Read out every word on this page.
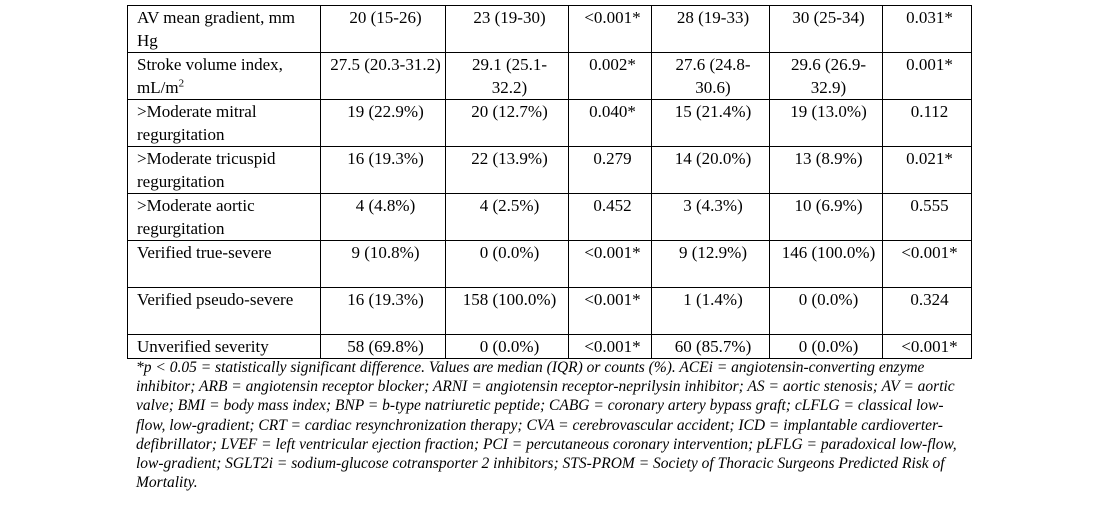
AV mean gradient, mm Hg	20 (15-26)	23 (19-30)	<0.001*	28 (19-33)	30 (25-34)	0.031*
Stroke volume index, $mL/m^2$	27.5 (20.3-31.2)	29.1 (25.1-32.2)	0.002*	27.6 (24.8-30.6)	29.6 (26.9-32.9)	0.001*
>Moderate mitral regurgitation	19 (22.9%)	20 (12.7%)	0.040*	15 (21.4%)	19 (13.0%)	0.112
>Moderate tricuspid regurgitation	16 (19.3%)	22 (13.9%)	0.279	14 (20.0%)	13 (8.9%)	0.021*
>Moderate aortic regurgitation	4 (4.8%)	4 (2.5%)	0.452	3 (4.3%)	10 (6.9%)	0.555
Verified true-severe	9 (10.8%)	0 (0.0%)	<0.001*	9 (12.9%)	146 (100.0%)	<0.001*
Verified pseudo-severe	16 (19.3%)	158 (100.0%)	<0.001*	1 (1.4%)	0 (0.0%)	0.324
Unverified severity	58 (69.8%)	0 (0.0%)	<0.001*	60 (85.7%)	0 (0.0%)	<0.001*
*p < 0.05 = statistically significant difference. Values are median (IQR) or counts (%). ACEi = angiotensin-converting enzyme inhibitor; ARB = angiotensin receptor blocker; ARNI = angiotensin receptor-neprilysin inhibitor; AS = aortic stenosis; AV = aortic valve; BMI = body mass index; BNP = b-type natriuretic peptide; CABG = coronary artery bypass graft; cLFLG = classical low-flow, low-gradient; CRT = cardiac resynchronization therapy; CVA = cerebrovascular accident; ICD = implantable cardioverter-defibrillator; LVEF = left ventricular ejection fraction; PCI = percutaneous coronary intervention; pLFLG = paradoxical low-flow, low-gradient; SGLT2i = sodium-glucose cotransporter 2 inhibitors; STS-PROM = Society of Thoracic Surgeons Predicted Risk of Mortality.
